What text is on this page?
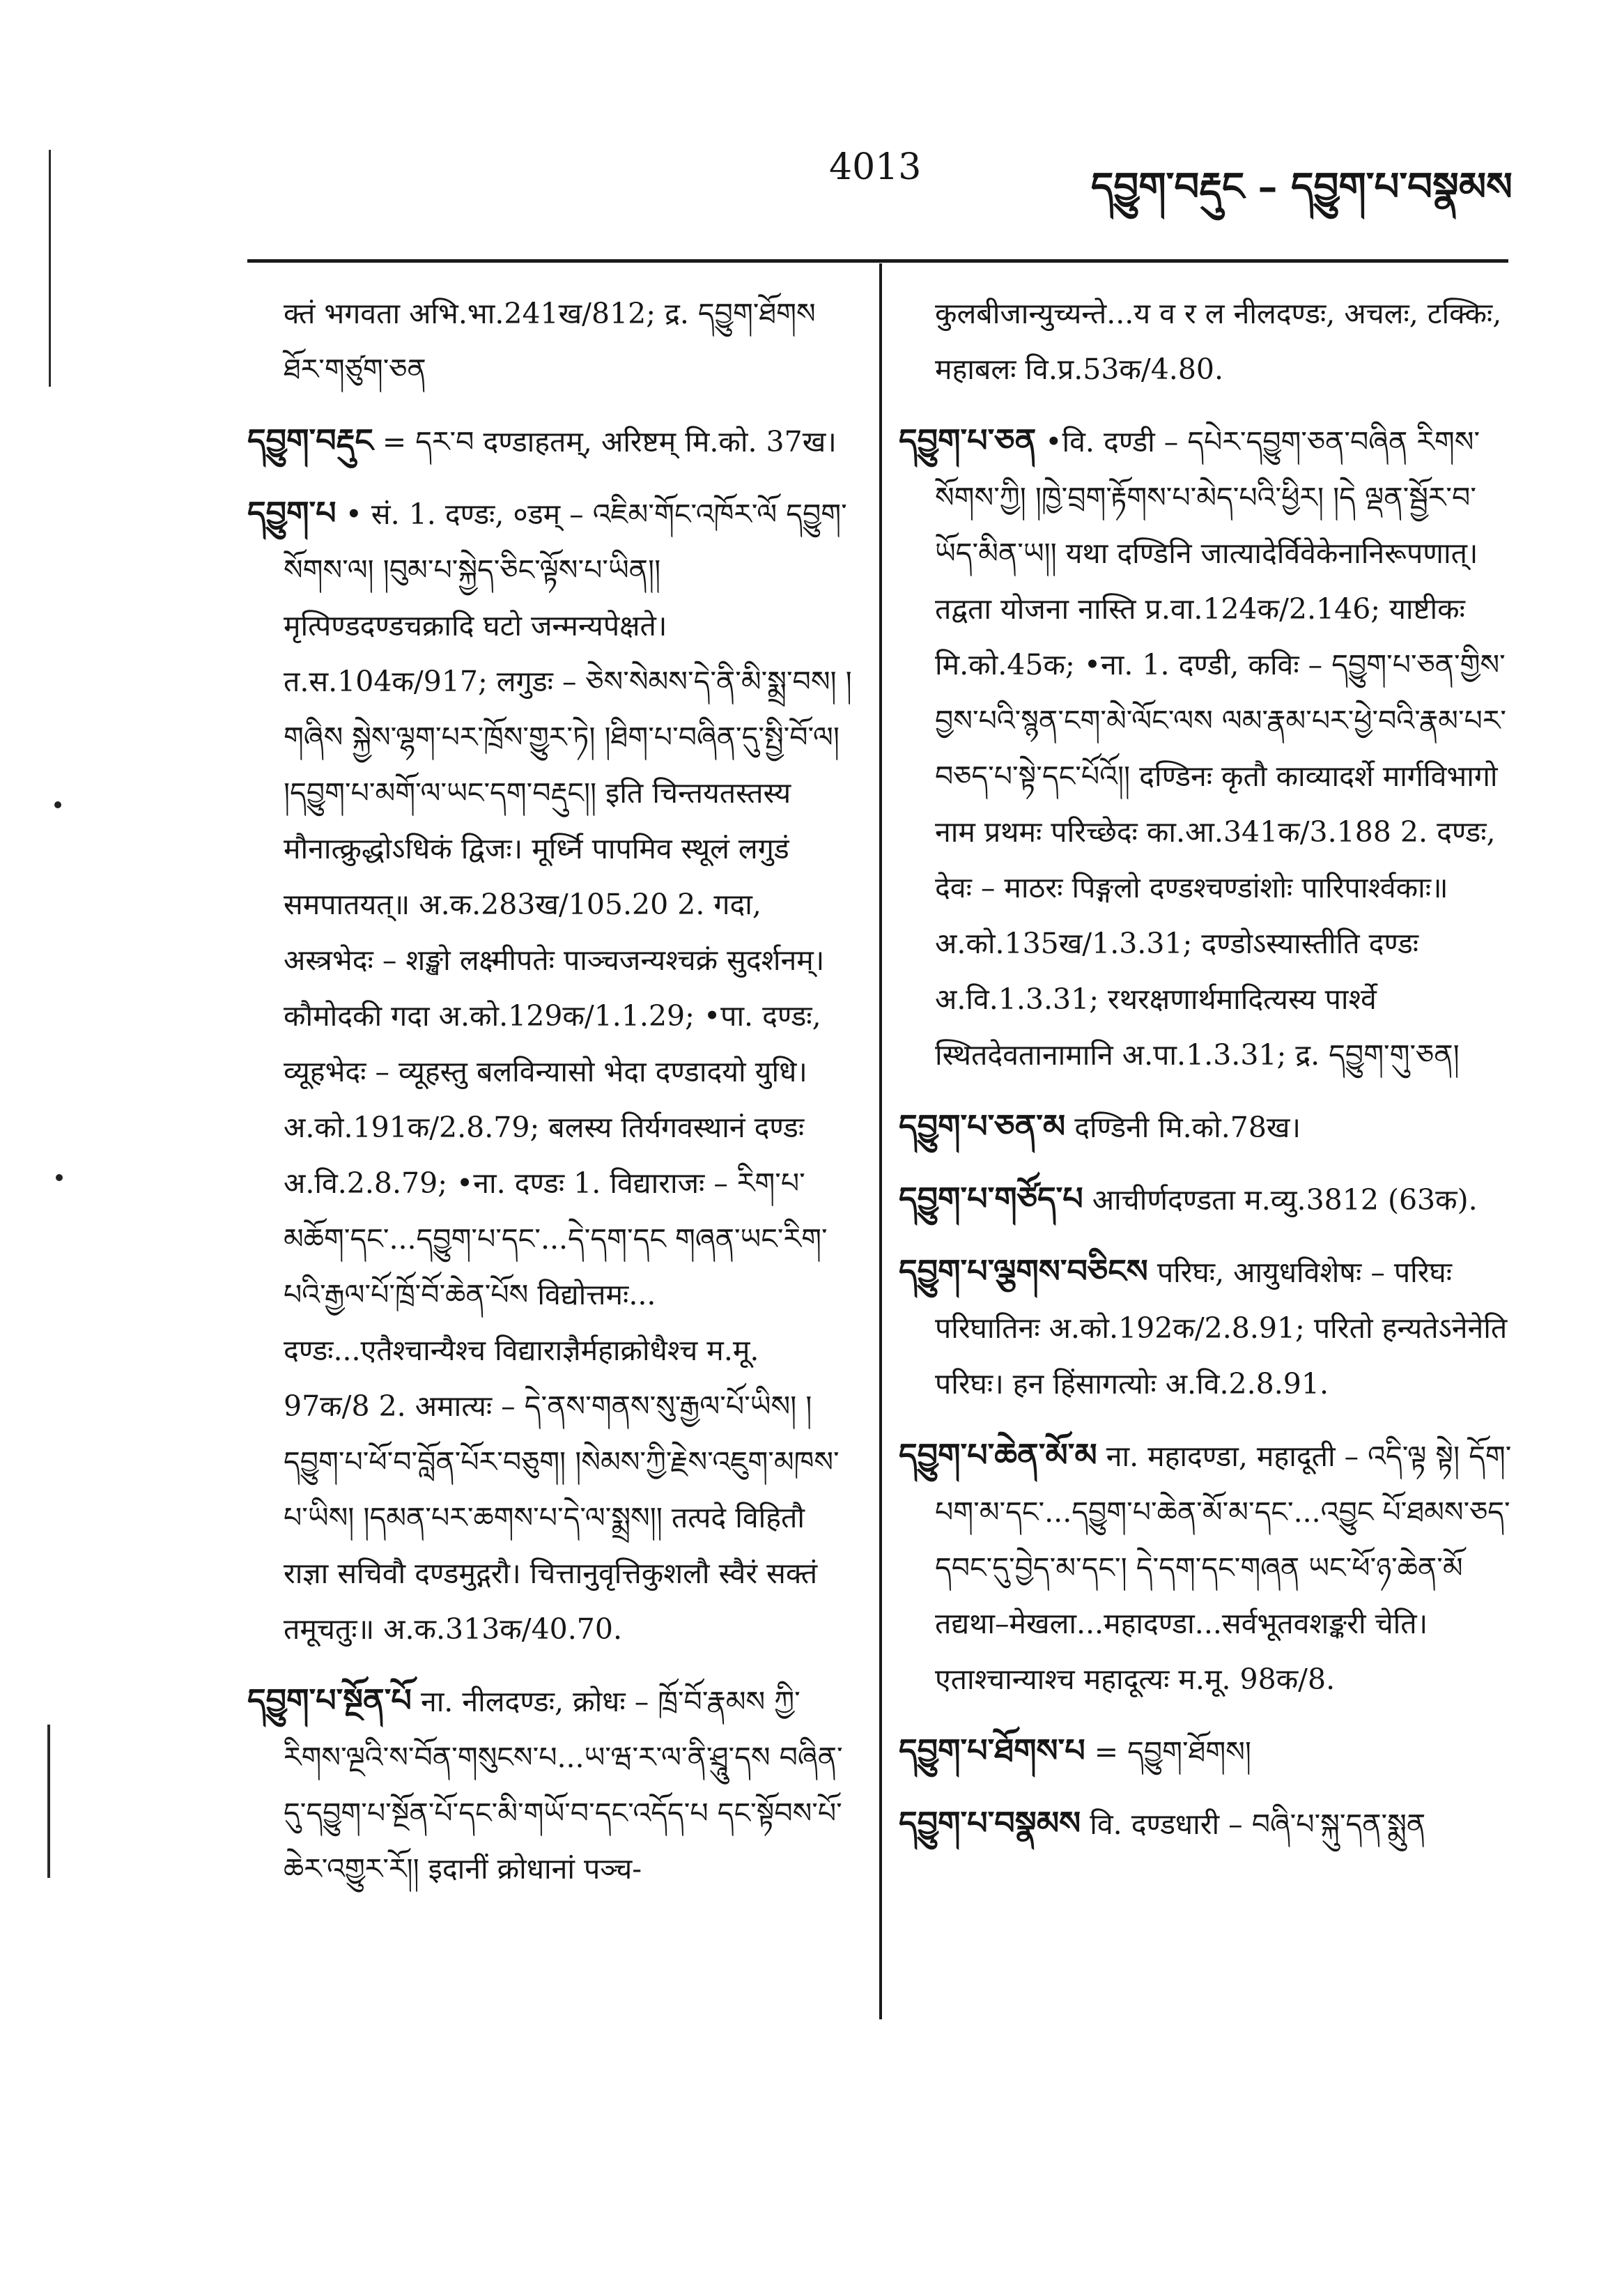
4013	དབྱུག་བརྡུང – དབྱུག་པ་བསྣམས

क्तं भगवता अभि.भा.241ख/812; द्र. དབྱུག་ཐོགས ཐོར་གཙུག་ཅན

དབྱུག་བརྡུང = དར་བ दण्डाहतम्, अरिष्टम् मि.को. 37ख।

དབྱུག་པ • सं. 1. दण्डः, ०डम् – འཇིམ་གོང་འཁོར་ལོ དབྱུག་སོགས་ལ། །བུམ་པ་སྐྱེད་ཅིང་ལྟོས་པ་ཡིན།། मृत्पिण्डदण्डचक्रादि घटो जन्मन्यपेक्षते। त.स.104क/917; लगुडः – ཅེས་སེམས་དེ་ནི་མི་སྨྲ་བས། །གཞིས སྐྱེས་ལྷག་པར་ཁྲོས་གྱུར་ཏེ། །ཐིག་པ་བཞིན་དུ་སྤྱི་བོ་ལ། །དབྱུག་པ་མགོ་ལ་ཡང་དག་བརྡུང།། इति चिन्तयतस्तस्य मौनात्क्रुद्धोऽधिकं द्विजः। मूर्ध्नि पापमिव स्थूलं लगुडं समपातयत्॥ अ.क.283ख/105.20 2. गदा, अस्त्रभेदः – शङ्खो लक्ष्मीपतेः पाञ्चजन्यश्चक्रं सुदर्शनम्। कौमोदकी गदा अ.को.129क/1.1.29; •पा. दण्डः, व्यूहभेदः – व्यूहस्तु बलविन्यासो भेदा दण्डादयो युधि। अ.को.191क/2.8.79; बलस्य तिर्यगवस्थानं दण्डः अ.वि.2.8.79; •ना. दण्डः 1. विद्याराजः – རིག་པ་མཆོག་དང་...དབྱུག་པ་དང་...དེ་དག་དང གཞན་ཡང་རིག་པའི་རྒྱལ་པོ་ཁྲོ་བོ་ཆེན་པོས विद्योत्तमः... दण्डः...एतैश्चान्यैश्च विद्याराज्ञैर्महाक्रोधैश्च म.मू. 97क/8 2. अमात्यः – དེ་ནས་གནས་སུ་རྒྱལ་པོ་ཡིས། །དབྱུག་པ་ཕོ་བ་བློན་པོར་བཅུག། །སེམས་ཀྱི་རྗེས་འཇུག་མཁས་པ་ཡིས། །དམན་པར་ཆགས་པ་དེ་ལ་སྨྲས།། तत्पदे विहितौ राज्ञा सचिवौ दण्डमुद्गरौ। चित्तानुवृत्तिकुशलौ स्वैरं सक्तं तमूचतुः॥ अ.क.313क/40.70.

དབྱུག་པ་སྔོན་པོ ना. नीलदण्डः, क्रोधः – ཁྲོ་བོ་རྣམས ཀྱི་རིགས་ལྔའི་ས་བོན་གསུངས་པ...ཡ་ཝ་ར་ལ་ནི་ཤྲཱུ་དས བཞིན་དུ་དབྱུག་པ་སྔོན་པོ་དང་མི་གཡོ་བ་དང་འདོད་པ དང་སྟོབས་པོ་ཆེར་འགྱུར་རོ།། इदानीं क्रोधानां पञ्च-

कुलबीजान्युच्यन्ते...य व र ल नीलदण्डः, अचलः, टक्किः, महाबलः वि.प्र.53क/4.80.

དབྱུག་པ་ཅན •वि. दण्डी – དཔེར་དབྱུག་ཅན་བཞིན རིགས་སོགས་ཀྱི། །ཁྱེ་བྲག་རྟོགས་པ་མེད་པའི་ཕྱིར། །དེ ལྡན་སྦྱོར་བ་ཡོད་མིན་ཡ།། यथा दण्डिनि जात्यादेर्विवेकेनानिरूपणात्। तद्वता योजना नास्ति प्र.वा.124क/2.146; याष्टीकः मि.को.45क; •ना. 1. दण्डी, कविः – དབྱུག་པ་ཅན་གྱིས་བྱས་པའི་སྙན་ངག་མེ་ལོང་ལས ལམ་རྣམ་པར་ཕྱེ་བའི་རྣམ་པར་བཅད་པ་སྟེ་དང་པོའོ།། दण्डिनः कृतौ काव्यादर्शे मार्गविभागो नाम प्रथमः परिच्छेदः का.आ.341क/3.188 2. दण्डः, देवः – माठरः पिङ्गलो दण्डश्चण्डांशोः पारिपार्श्वकाः॥ अ.को.135ख/1.3.31; दण्डोऽस्यास्तीति दण्डः अ.वि.1.3.31; रथरक्षणार्थमादित्यस्य पार्श्वे स्थितदेवतानामानि अ.पा.1.3.31; द्र. དབྱུག་གུ་ཅན།

དབྱུག་པ་ཅན་མ दण्डिनी मि.को.78ख।

དབྱུག་པ་གཙོད་པ आचीर्णदण्डता म.व्यु.3812 (63क).

དབྱུག་པ་ལྕགས་བཅིངས परिघः, आयुधविशेषः – परिघः परिघातिनः अ.को.192क/2.8.91; परितो हन्यतेऽनेनेति परिघः। हन हिंसागत्योः अ.वि.2.8.91.

དབྱུག་པ་ཆེན་མོ་མ ना. महादण्डा, महादूती – འདི་ལྟ སྟེ། དོག་པག་མ་དང་...དབྱུག་པ་ཆེན་མོ་མ་དང་...འབྱུང པོ་ཐམས་ཅད་དབང་དུ་བྱེད་མ་དང་། དེ་དག་དང་གཞན ཡང་ཕོ་ཉ་ཆེན་མོ तद्यथा–मेखला...महादण्डा...सर्वभूतवशङ्करी चेति। एताश्चान्याश्च महादूत्यः म.मू. 98क/8.

དབྱུག་པ་ཐོགས་པ = དབྱུག་ཐོགས།

དབྱུག་པ་བསྣམས वि. दण्डधारी – བཞི་པ་སྐུ་དན་སྨུན
